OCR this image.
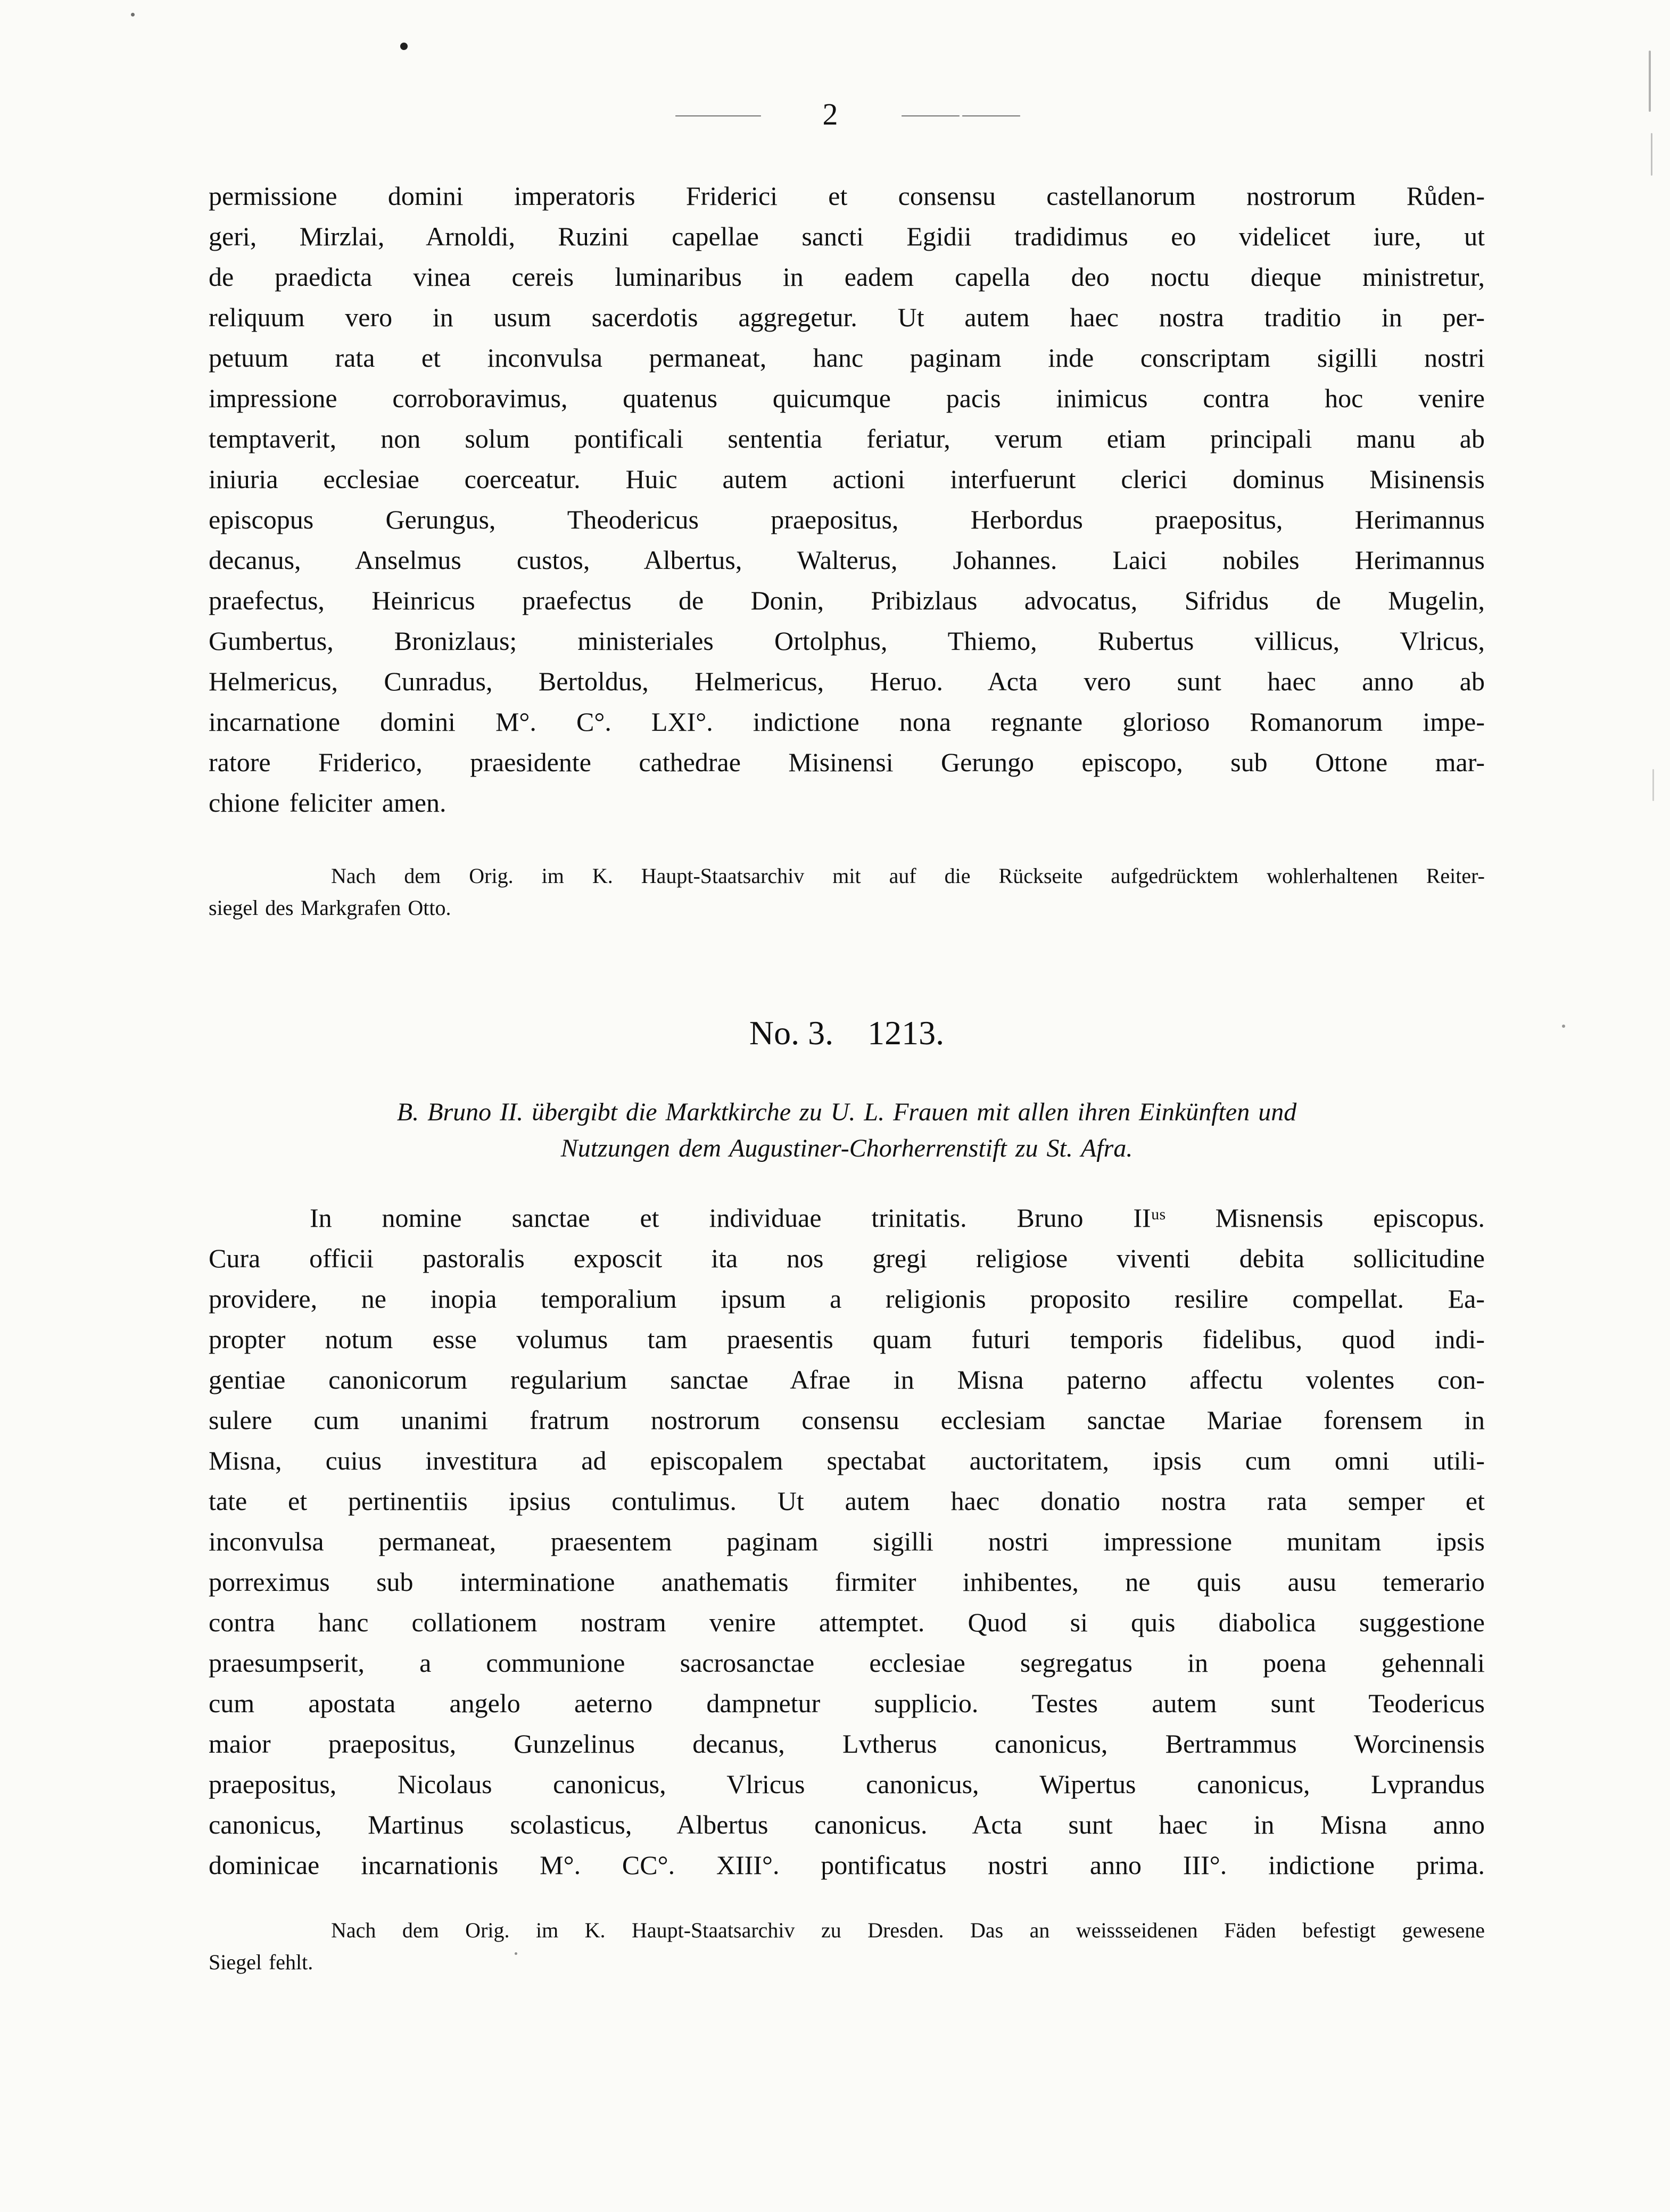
——— 2 —— ——
permissione domini imperatoris Friderici et consensu castellanorum nostrorum Růden-
geri, Mirzlai, Arnoldi, Ruzini capellae sancti Egidii tradidimus eo videlicet iure, ut
de praedicta vinea cereis luminaribus in eadem capella deo noctu dieque ministretur,
reliquum vero in usum sacerdotis aggregetur. Ut autem haec nostra traditio in per-
petuum rata et inconvulsa permaneat, hanc paginam inde conscriptam sigilli nostri
impressione corroboravimus, quatenus quicumque pacis inimicus contra hoc venire
temptaverit, non solum pontificali sententia feriatur, verum etiam principali manu ab
iniuria ecclesiae coerceatur. Huic autem actioni interfuerunt clerici dominus Misinensis
episcopus Gerungus, Theodericus praepositus, Herbordus praepositus, Herimannus
decanus, Anselmus custos, Albertus, Walterus, Johannes. Laici nobiles Herimannus
praefectus, Heinricus praefectus de Donin, Pribizlaus advocatus, Sifridus de Mugelin,
Gumbertus, Bronizlaus; ministeriales Ortolphus, Thiemo, Rubertus villicus, Vlricus,
Helmericus, Cunradus, Bertoldus, Helmericus, Heruo. Acta vero sunt haec anno ab
incarnatione domini M°. C°. LXI°. indictione nona regnante glorioso Romanorum impe-
ratore Friderico, praesidente cathedrae Misinensi Gerungo episcopo, sub Ottone mar-
chione feliciter amen.
Nach dem Orig. im K. Haupt-Staatsarchiv mit auf die Rückseite aufgedrücktem wohlerhaltenen Reiter-
siegel des Markgrafen Otto.
No. 3. 1213.
B. Bruno II. übergibt die Marktkirche zu U. L. Frauen mit allen ihren Einkünften und
Nutzungen dem Augustiner-Chorherrenstift zu St. Afra.
In nomine sanctae et individuae trinitatis. Bruno IIᵘˢ Misnensis episcopus.
Cura officii pastoralis exposcit ita nos gregi religiose viventi debita sollicitudine
providere, ne inopia temporalium ipsum a religionis proposito resilire compellat. Ea-
propter notum esse volumus tam praesentis quam futuri temporis fidelibus, quod indi-
gentiae canonicorum regularium sanctae Afrae in Misna paterno affectu volentes con-
sulere cum unanimi fratrum nostrorum consensu ecclesiam sanctae Mariae forensem in
Misna, cuius investitura ad episcopalem spectabat auctoritatem, ipsis cum omni utili-
tate et pertinentiis ipsius contulimus. Ut autem haec donatio nostra rata semper et
inconvulsa permaneat, praesentem paginam sigilli nostri impressione munitam ipsis
porreximus sub interminatione anathematis firmiter inhibentes, ne quis ausu temerario
contra hanc collationem nostram venire attemptet. Quod si quis diabolica suggestione
praesumpserit, a communione sacrosanctae ecclesiae segregatus in poena gehennali
cum apostata angelo aeterno dampnetur supplicio. Testes autem sunt Teodericus
maior praepositus, Gunzelinus decanus, Lvtherus canonicus, Bertrammus Worcinensis
praepositus, Nicolaus canonicus, Vlricus canonicus, Wipertus canonicus, Lvprandus
canonicus, Martinus scolasticus, Albertus canonicus. Acta sunt haec in Misna anno
dominicae incarnationis M°. CC°. XIII°. pontificatus nostri anno III°. indictione prima.
Nach dem Orig. im K. Haupt-Staatsarchiv zu Dresden. Das an weissseidenen Fäden befestigt gewesene
Siegel fehlt.
